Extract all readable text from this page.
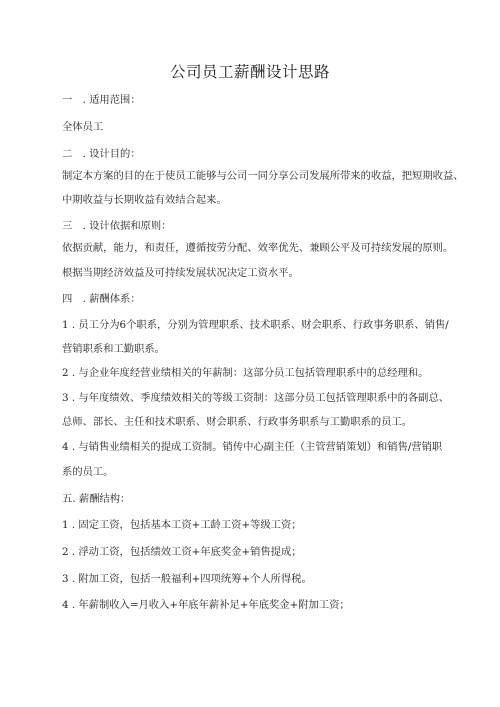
公司员工薪酬设计思路
一　. 适用范围：
全体员工
二　. 设计目的：
制定本方案的目的在于使员工能够与公司一同分享公司发展所带来的收益，把短期收益、
中期收益与长期收益有效结合起来。
三　. 设计依据和原则：
依据贡献，能力，和责任，遵循按劳分配、效率优先、兼顾公平及可持续发展的原则。
根据当期经济效益及可持续发展状况决定工资水平。
四　. 薪酬体系：
1 . 员工分为6个职系，分别为管理职系、技术职系、财会职系、行政事务职系、销售/
营销职系和工勤职系。
2 . 与企业年度经营业绩相关的年薪制：这部分员工包括管理职系中的总经理和。
3 . 与年度绩效、季度绩效相关的等级工资制：这部分员工包括管理职系中的各副总、
总师、部长、主任和技术职系、财会职系、行政事务职系与工勤职系的员工。
4 . 与销售业绩相关的提成工资制。销传中心副主任（主管营销策划）和销售/营销职
系的员工。
五. 薪酬结构：
1 . 固定工资，包括基本工资+工龄工资+等级工资；
2 . 浮动工资，包括绩效工资+年底奖金+销售提成；
3 . 附加工资，包括一般福利+四项统筹+个人所得税。
4 . 年薪制收入=月收入+年底年薪补足+年底奖金+附加工资；
